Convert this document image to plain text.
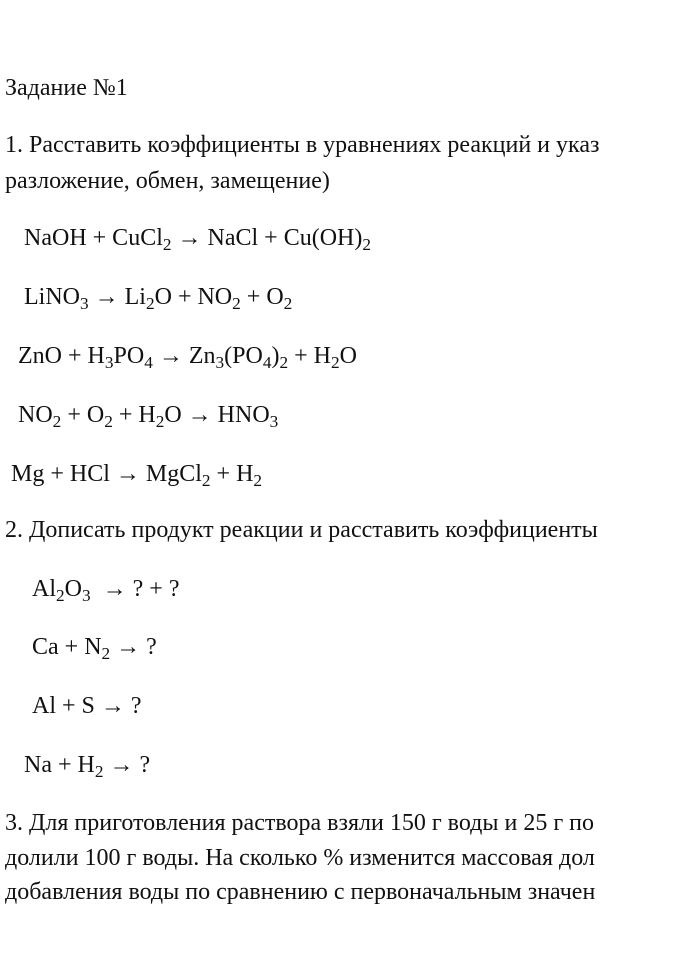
Задание №1
1. Расставить коэффициенты в уравнениях реакций и указ
разложение, обмен, замещение)
NaOH + CuCl$_2$ → NaCl + $Cu(OH)_2$
LiNO$_3$ → $Li_2O + NO_2 + O_2$
ZnO + $H_3PO_4 \to Zn_3(PO_4)_2 + H_2O$
$NO_2 + O_2 + H_2O \to HNO_3$
Mg + HCl → MgCl$_2$ + $H_2$
2. Дописать продукт реакции и расставить коэффициенты
$Al_2O_3$  → ? + ?
$Ca + N_2$ → ?
Al + S → ?
$Na + H_2$ → ?
3. Для приготовления раствора взяли 150 г воды и 25 г по
долили 100 г воды. На сколько % изменится массовая дол
добавления воды по сравнению с первоначальным значен
